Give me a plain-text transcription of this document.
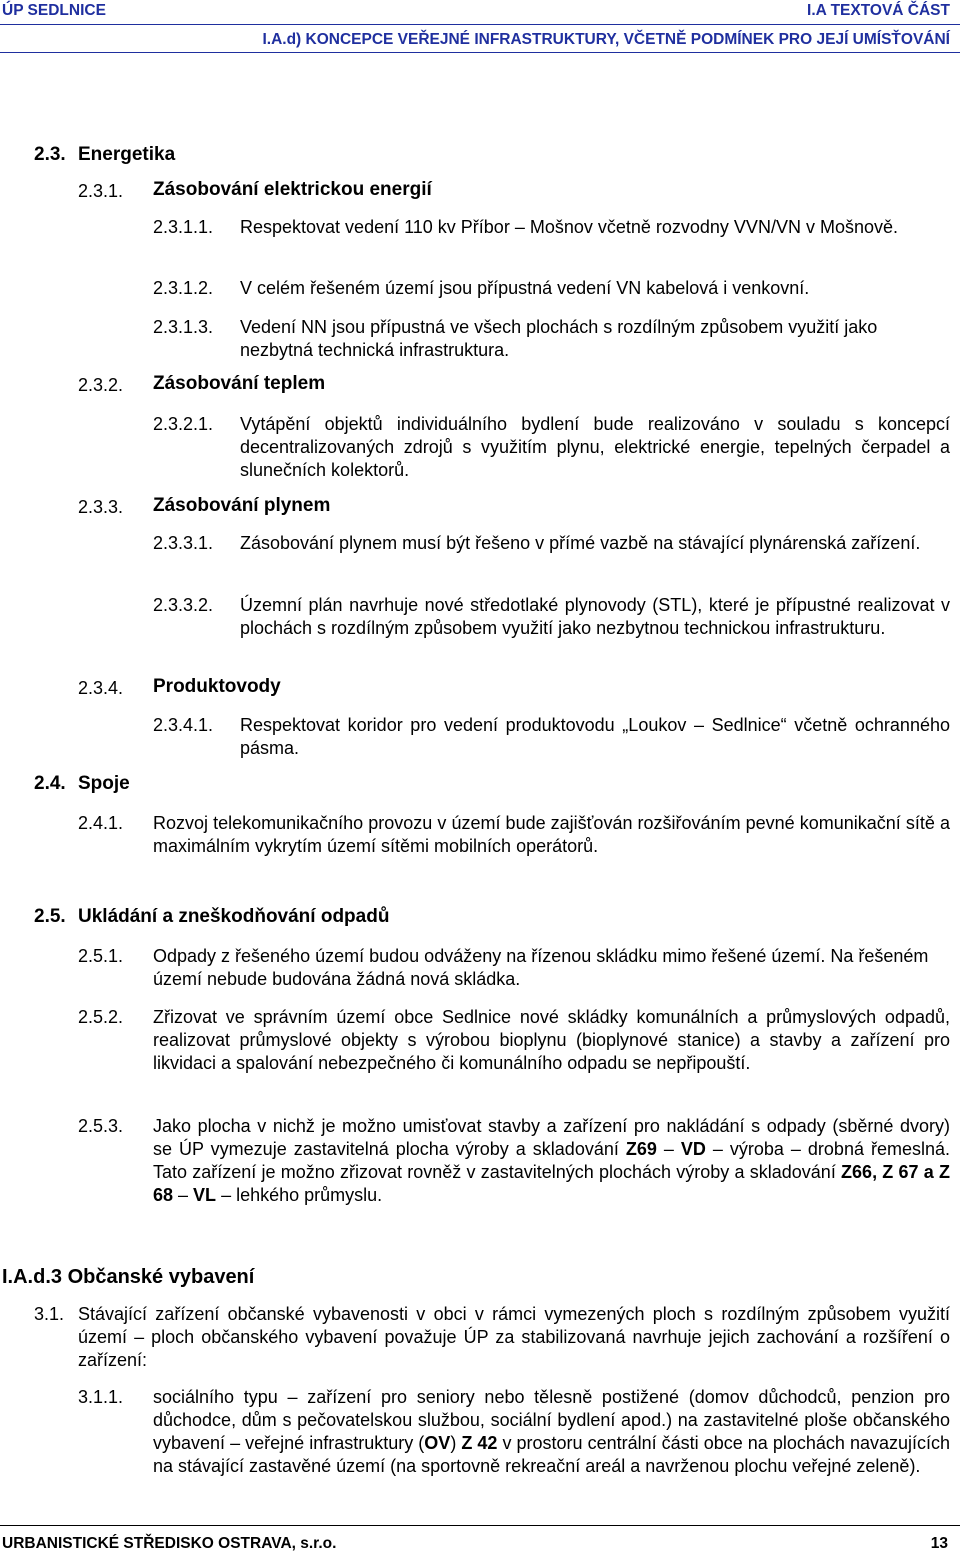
ÚP SEDLNICE	I.A TEXTOVÁ ČÁST
I.A.d) KONCEPCE VEŘEJNÉ INFRASTRUKTURY, VČETNĚ PODMÍNEK PRO JEJÍ UMÍSŤOVÁNÍ
2.3. Energetika
2.3.1. Zásobování elektrickou energií
2.3.1.1. Respektovat vedení 110 kv Příbor – Mošnov včetně rozvodny VVN/VN v Mošnově.
2.3.1.2. V celém řešeném území jsou přípustná vedení VN kabelová i venkovní.
2.3.1.3. Vedení NN jsou přípustná ve všech plochách s rozdílným způsobem využití jako nezbytná technická infrastruktura.
2.3.2. Zásobování teplem
2.3.2.1. Vytápění objektů individuálního bydlení bude realizováno v souladu s koncepcí decentralizovaných zdrojů s využitím plynu, elektrické energie, tepelných čerpadel a slunečních kolektorů.
2.3.3. Zásobování plynem
2.3.3.1. Zásobování plynem musí být řešeno v přímé vazbě na stávající plynárenská zařízení.
2.3.3.2. Územní plán navrhuje nové středotlaké plynovody (STL), které je přípustné realizovat v plochách s rozdílným způsobem využití jako nezbytnou technickou infrastrukturu.
2.3.4. Produktovody
2.3.4.1. Respektovat koridor pro vedení produktovodu „Loukov – Sedlnice“ včetně ochranného pásma.
2.4. Spoje
2.4.1. Rozvoj telekomunikačního provozu v území bude zajišťován rozšiřováním pevné komunikační sítě a maximálním vykrytím území sítěmi mobilních operátorů.
2.5. Ukládání a zneškodňování odpadů
2.5.1. Odpady z řešeného území budou odváženy na řízenou skládku mimo řešené území. Na řešeném území nebude budována žádná nová skládka.
2.5.2. Zřizovat ve správním území obce Sedlnice nové skládky komunálních a průmyslových odpadů, realizovat průmyslové objekty s výrobou bioplynu (bioplynové stanice) a stavby a zařízení pro likvidaci a spalování nebezpečného či komunálního odpadu se nepřipouští.
2.5.3. Jako plocha v nichž je možno umisťovat stavby a zařízení pro nakládání s odpady (sběrné dvory) se ÚP vymezuje zastavitelná plocha výroby a skladování Z69 – VD – výroba – drobná řemeslná. Tato zařízení je možno zřizovat rovněž v zastavitelných plochách výroby a skladování Z66, Z 67 a Z 68 – VL – lehkého průmyslu.
I.A.d.3 Občanské vybavení
3.1. Stávající zařízení občanské vybavenosti v obci v rámci vymezených ploch s rozdílným způsobem využití území – ploch občanského vybavení považuje ÚP za stabilizovaná navrhuje jejich zachování a rozšíření o zařízení:
3.1.1. sociálního typu – zařízení pro seniory nebo tělesně postižené (domov důchodců, penzion pro důchodce, dům s pečovatelskou službou, sociální bydlení apod.) na zastavitelné ploše občanského vybavení – veřejné infrastruktury (OV) Z 42 v prostoru centrální části obce na plochách navazujících na stávající zastavěné území (na sportovně rekreační areál a navrženou plochu veřejné zeleně).
URBANISTICKÉ STŘEDISKO OSTRAVA, s.r.o.	13
